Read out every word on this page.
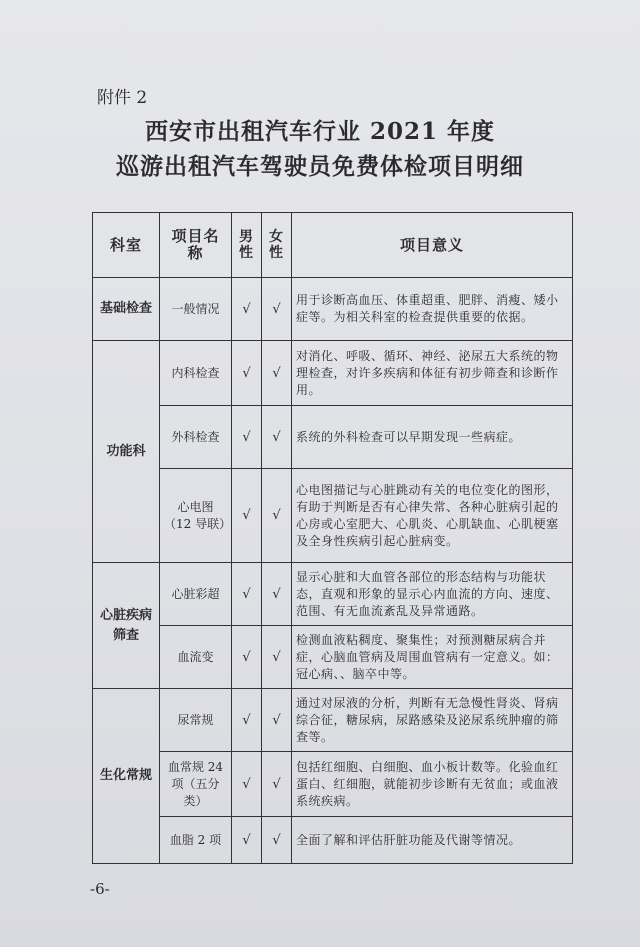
附件 2
西安市出租汽车行业 2021 年度
巡游出租汽车驾驶员免费体检项目明细
科室	项目名称	男性	女性	项目意义
基础检查	一般情况	√	√	用于诊断高血压、体重超重、肥胖、消瘦、矮小症等。为相关科室的检查提供重要的依据。
功能科	内科检查	√	√	对消化、呼吸、循环、神经、泌尿五大系统的物理检查，对许多疾病和体征有初步筛查和诊断作用。
	外科检查	√	√	系统的外科检查可以早期发现一些病症。
	心电图（12 导联）	√	√	心电图描记与心脏跳动有关的电位变化的图形，有助于判断是否有心律失常、各种心脏病引起的心房或心室肥大、心肌炎、心肌缺血、心肌梗塞及全身性疾病引起心脏病变。
心脏疾病筛查	心脏彩超	√	√	显示心脏和大血管各部位的形态结构与功能状态，直观和形象的显示心内血流的方向、速度、范围、有无血流紊乱及异常通路。
	血流变	√	√	检测血液粘稠度、聚集性；对预测糖尿病合并症，心脑血管病及周围血管病有一定意义。如：冠心病、、脑卒中等。
生化常规	尿常规	√	√	通过对尿液的分析，判断有无急慢性肾炎、肾病综合征，糖尿病，尿路感染及泌尿系统肿瘤的筛查等。
	血常规 24 项（五分类）	√	√	包括红细胞、白细胞、血小板计数等。化验血红蛋白、红细胞，就能初步诊断有无贫血；或血液系统疾病。
	血脂 2 项	√	√	全面了解和评估肝脏功能及代谢等情况。
-6-
